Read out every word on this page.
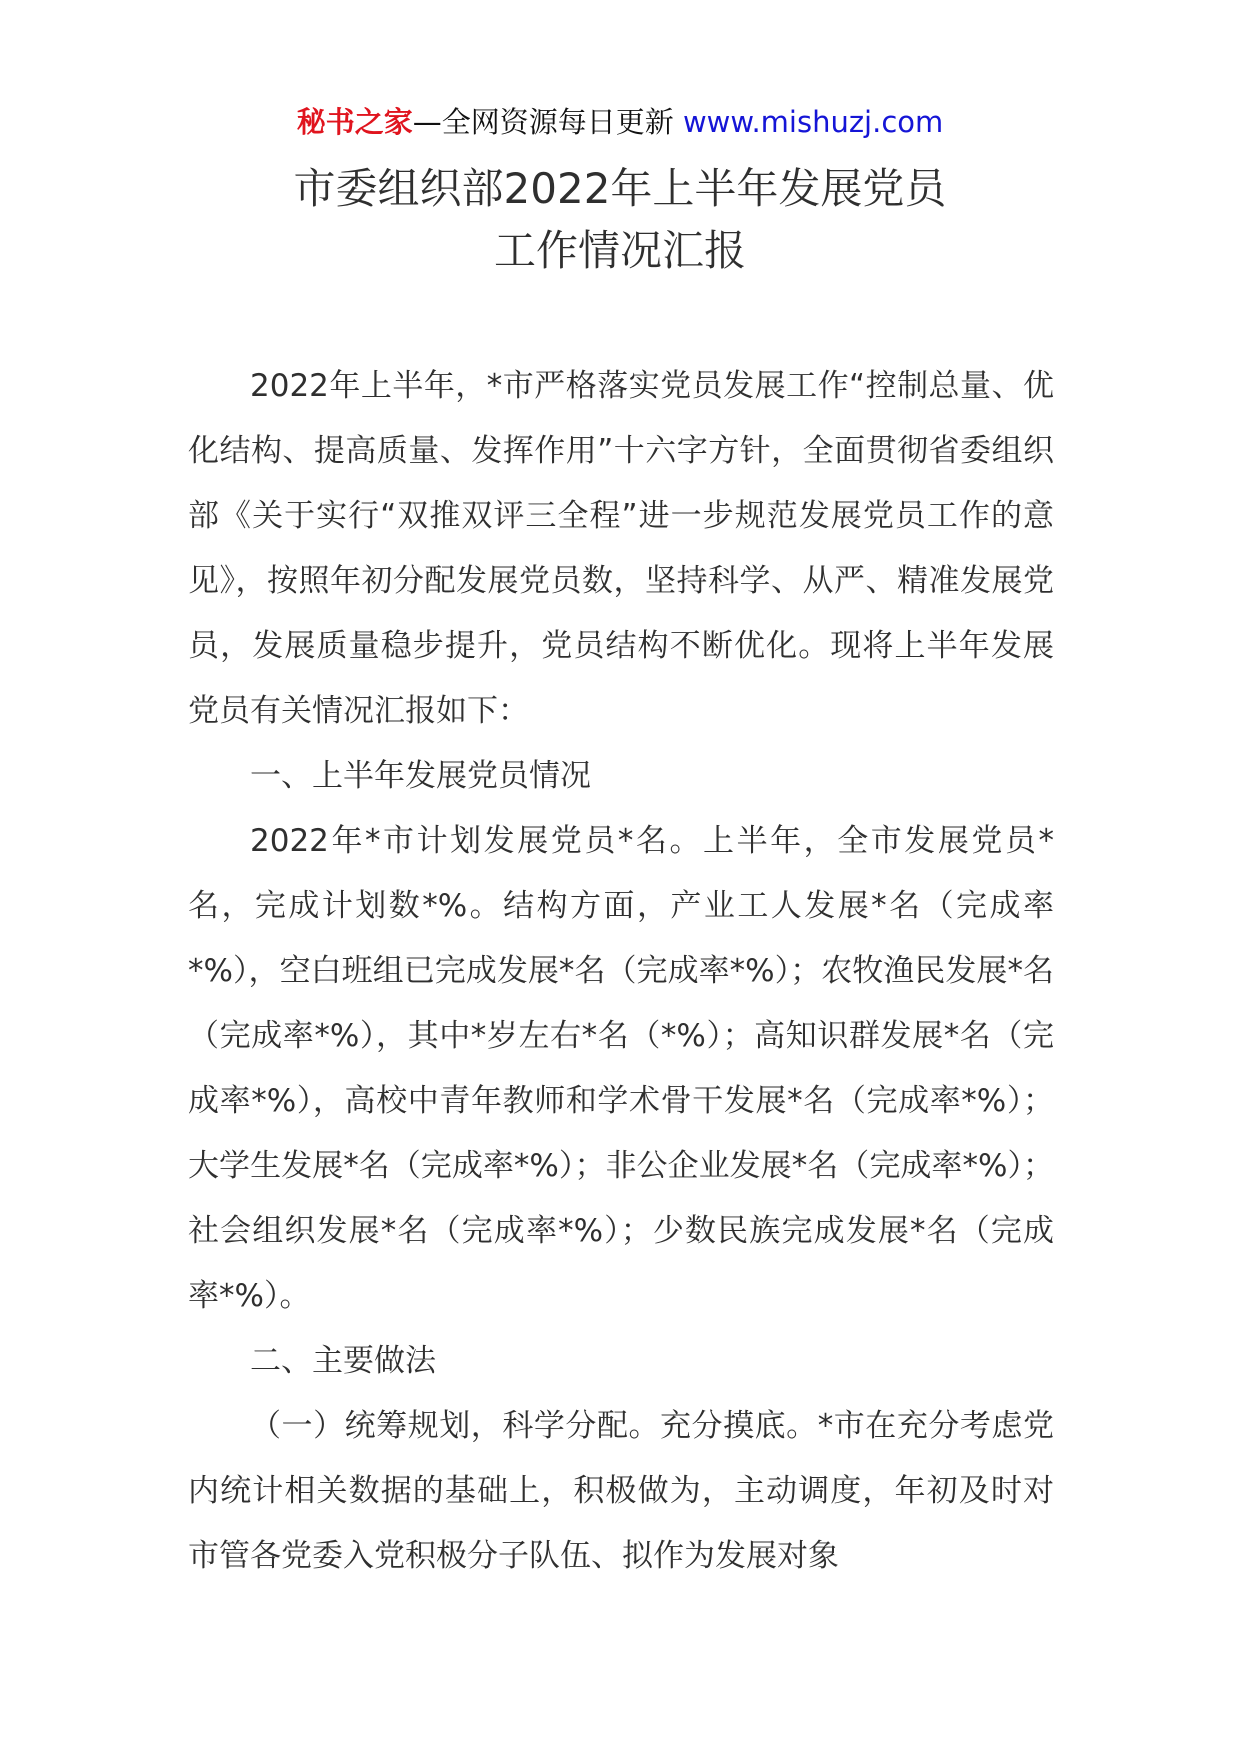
秘书之家—全网资源每日更新 www.mishuzj.com
市委组织部2022年上半年发展党员
工作情况汇报

2022年上半年，*市严格落实党员发展工作“控制总量、优化结构、提高质量、发挥作用”十六字方针，全面贯彻省委组织部《关于实行“双推双评三全程”进一步规范发展党员工作的意见》，按照年初分配发展党员数，坚持科学、从严、精准发展党员，发展质量稳步提升，党员结构不断优化。现将上半年发展党员有关情况汇报如下：

一、上半年发展党员情况

2022年*市计划发展党员*名。上半年，全市发展党员*名，完成计划数*%。结构方面，产业工人发展*名（完成率*%），空白班组已完成发展*名（完成率*%）；农牧渔民发展*名（完成率*%），其中*岁左右*名（*%）；高知识群发展*名（完成率*%），高校中青年教师和学术骨干发展*名（完成率*%）；大学生发展*名（完成率*%）；非公企业发展*名（完成率*%）；社会组织发展*名（完成率*%）；少数民族完成发展*名（完成率*%）。

二、主要做法

（一）统筹规划，科学分配。充分摸底。*市在充分考虑党内统计相关数据的基础上，积极做为，主动调度，年初及时对市管各党委入党积极分子队伍、拟作为发展对象
